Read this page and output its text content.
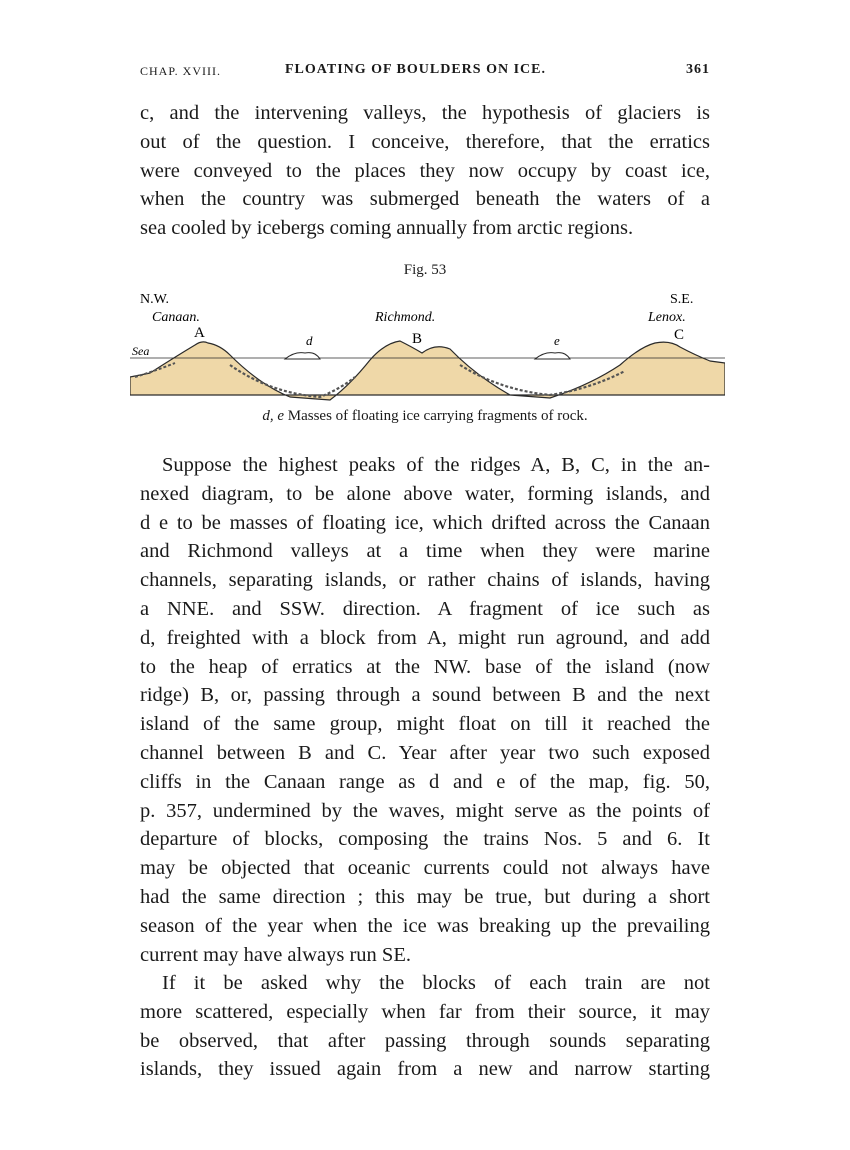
CHAP. XVIII.	FLOATING OF BOULDERS ON ICE.	361
c, and the intervening valleys, the hypothesis of glaciers is
out of the question. I conceive, therefore, that the erratics
were conveyed to the places they now occupy by coast ice,
when the country was submerged beneath the waters of a
sea cooled by icebergs coming annually from arctic regions.
Fig. 53
N.W.	S.E.
Canaan.	Richmond.	Lenox.
Sea
A	B	C
d	e
d, e Masses of floating ice carrying fragments of rock.
Suppose the highest peaks of the ridges A, B, C, in the an-
nexed diagram, to be alone above water, forming islands, and
d e to be masses of floating ice, which drifted across the Canaan
and Richmond valleys at a time when they were marine
channels, separating islands, or rather chains of islands, having
a NNE. and SSW. direction. A fragment of ice such as
d, freighted with a block from A, might run aground, and add
to the heap of erratics at the NW. base of the island (now
ridge) B, or, passing through a sound between B and the next
island of the same group, might float on till it reached the
channel between B and C. Year after year two such exposed
cliffs in the Canaan range as d and e of the map, fig. 50,
p. 357, undermined by the waves, might serve as the points of
departure of blocks, composing the trains Nos. 5 and 6. It
may be objected that oceanic currents could not always have
had the same direction ; this may be true, but during a short
season of the year when the ice was breaking up the prevailing
current may have always run SE.
If it be asked why the blocks of each train are not
more scattered, especially when far from their source, it may
be observed, that after passing through sounds separating
islands, they issued again from a new and narrow starting
